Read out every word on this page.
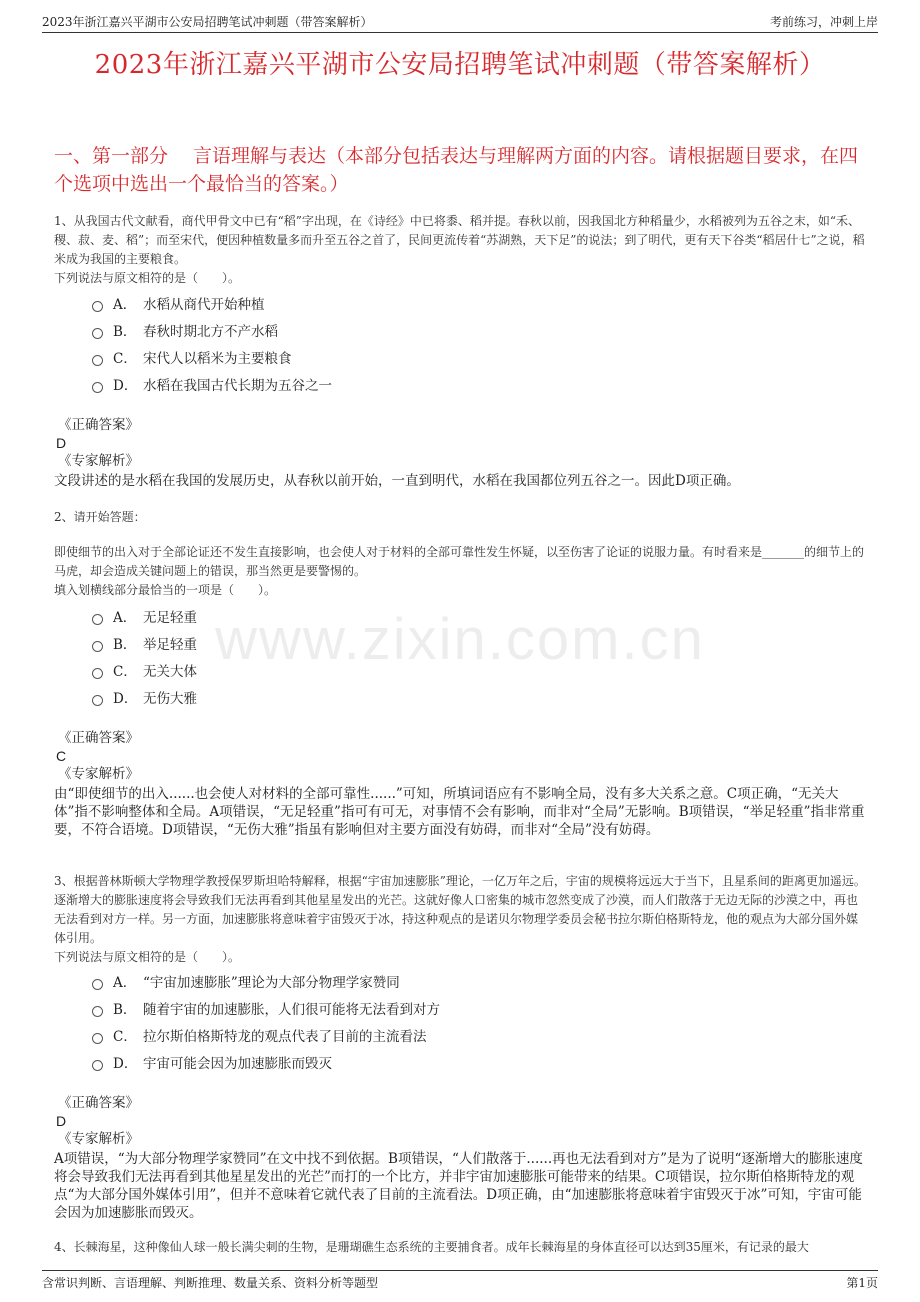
2023年浙江嘉兴平湖市公安局招聘笔试冲刺题（带答案解析）	考前练习，冲刺上岸
2023年浙江嘉兴平湖市公安局招聘笔试冲刺题（带答案解析）
一、第一部分　 言语理解与表达（本部分包括表达与理解两方面的内容。请根据题目要求，在四个选项中选出一个最恰当的答案。）

1、从我国古代文献看，商代甲骨文中已有“稻”字出现，在《诗经》中已将黍、稻并提。春秋以前，因我国北方种稻量少，水稻被列为五谷之末，如“禾、稷、菽、麦、稻”；而至宋代，便因种植数量多而升至五谷之首了，民间更流传着“苏湖熟，天下足”的说法；到了明代，更有天下谷类“稻居什七”之说，稻米成为我国的主要粮食。

下列说法与原文相符的是（　　）。

A． 水稻从商代开始种植
B． 春秋时期北方不产水稻
C． 宋代人以稻米为主要粮食
D． 水稻在我国古代长期为五谷之一
《正确答案》
D
《专家解析》
文段讲述的是水稻在我国的发展历史，从春秋以前开始，一直到明代，水稻在我国都位列五谷之一。因此D项正确。

2、请开始答题：

即使细节的出入对于全部论证还不发生直接影响，也会使人对于材料的全部可靠性发生怀疑，以至伤害了论证的说服力量。有时看来是_______的细节上的马虎，却会造成关键问题上的错误，那当然更是要警惕的。

填入划横线部分最恰当的一项是（　　）。

A． 无足轻重
B． 举足轻重
C． 无关大体
D． 无伤大雅
《正确答案》
C
《专家解析》
由“即使细节的出入......也会使人对材料的全部可靠性......”可知，所填词语应有不影响全局，没有多大关系之意。C项正确，“无关大体”指不影响整体和全局。A项错误，“无足轻重”指可有可无，对事情不会有影响，而非对“全局”无影响。B项错误，“举足轻重”指非常重要，不符合语境。D项错误，“无伤大雅”指虽有影响但对主要方面没有妨碍，而非对“全局”没有妨碍。

3、根据普林斯顿大学物理学教授保罗斯坦哈特解释，根据“宇宙加速膨胀”理论，一亿万年之后，宇宙的规模将远远大于当下，且星系间的距离更加遥远。逐渐增大的膨胀速度将会导致我们无法再看到其他星星发出的光芒。这就好像人口密集的城市忽然变成了沙漠，而人们散落于无边无际的沙漠之中，再也无法看到对方一样。另一方面，加速膨胀将意味着宇宙毁灭于冰，持这种观点的是诺贝尔物理学委员会秘书拉尔斯伯格斯特龙，他的观点为大部分国外媒体引用。

下列说法与原文相符的是（　　）。

A． “宇宙加速膨胀”理论为大部分物理学家赞同
B． 随着宇宙的加速膨胀，人们很可能将无法看到对方
C． 拉尔斯伯格斯特龙的观点代表了目前的主流看法
D． 宇宙可能会因为加速膨胀而毁灭
《正确答案》
D
《专家解析》
A项错误，“为大部分物理学家赞同”在文中找不到依据。B项错误，“人们散落于......再也无法看到对方”是为了说明“逐渐增大的膨胀速度将会导致我们无法再看到其他星星发出的光芒”而打的一个比方，并非宇宙加速膨胀可能带来的结果。C项错误，拉尔斯伯格斯特龙的观点“为大部分国外媒体引用”，但并不意味着它就代表了目前的主流看法。D项正确，由“加速膨胀将意味着宇宙毁灭于冰”可知，宇宙可能会因为加速膨胀而毁灭。

4、长棘海星，这种像仙人球一般长满尖刺的生物，是珊瑚礁生态系统的主要捕食者。成年长棘海星的身体直径可以达到35厘米，有记录的最大

www.zixin.com.cn
含常识判断、言语理解、判断推理、数量关系、资料分析等题型	第1页
